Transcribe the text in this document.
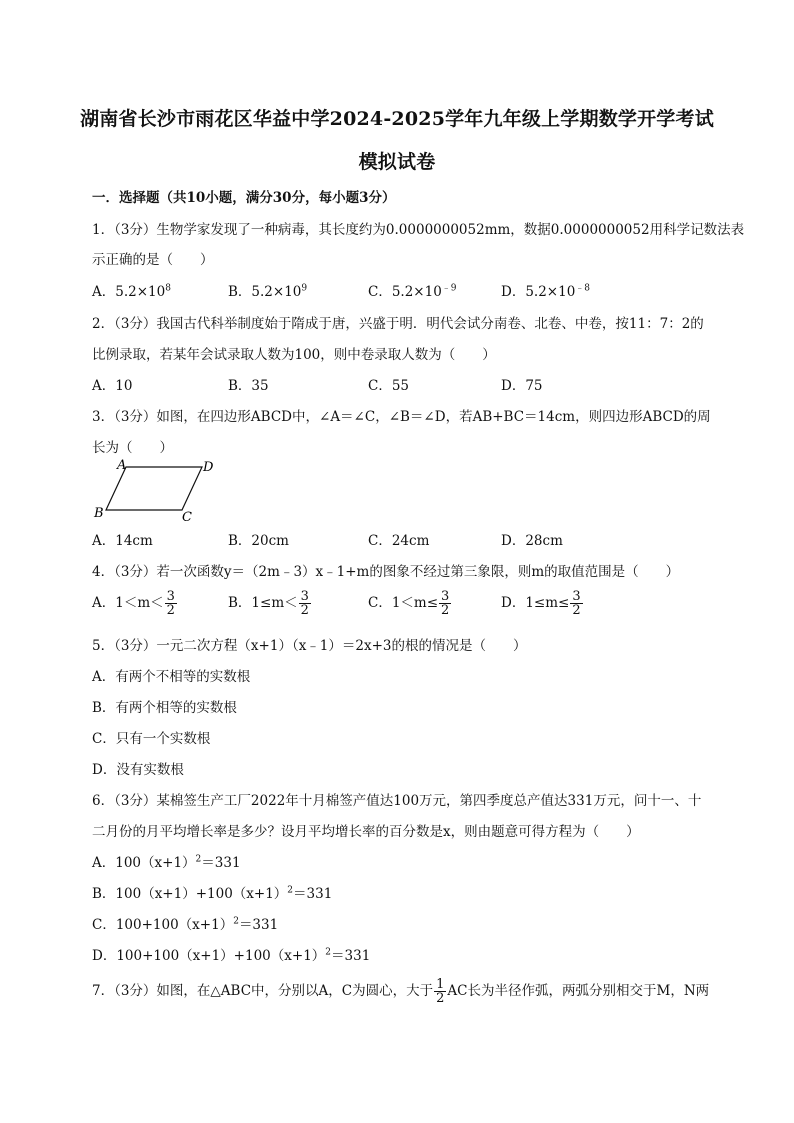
湖南省长沙市雨花区华益中学2024-2025学年九年级上学期数学开学考试
模拟试卷
一．选择题（共10小题，满分30分，每小题3分）
1．（3分）生物学家发现了一种病毒，其长度约为0.0000000052mm，数据0.0000000052用科学记数法表
示正确的是（　　）
A．$5.2\times 10^8$	B．$5.2\times 10^9$	C．$5.2\times 10^{﹣9}$	D．$5.2\times 10^{﹣8}$
2．（3分）我国古代科举制度始于隋成于唐，兴盛于明．明代会试分南卷、北卷、中卷，按11：7：2的
比例录取，若某年会试录取人数为100，则中卷录取人数为（　　）
A．10	B．35	C．55	D．75
3．（3分）如图，在四边形ABCD中，∠A＝∠C，∠B＝∠D，若AB+BC＝14cm，则四边形ABCD的周
长为（　　）
A	D
B	C
A．14cm	B．20cm	C．24cm	D．28cm
4．（3分）若一次函数y＝（2m﹣3）x﹣1+m的图象不经过第三象限，则m的取值范围是（　　）
A．$1<m< \frac{3}{2}$	B．$1\le m< \frac{3}{2}$	C．$1<m\le \frac{3}{2}$	D．$1\le m\le \frac{3}{2}$
5．（3分）一元二次方程（x+1）（x﹣1）＝2x+3的根的情况是（　　）
A．有两个不相等的实数根
B．有两个相等的实数根
C．只有一个实数根
D．没有实数根
6．（3分）某棉签生产工厂2022年十月棉签产值达100万元，第四季度总产值达331万元，问十一、十
二月份的月平均增长率是多少？设月平均增长率的百分数是x，则由题意可得方程为（　　）
A．$100(x+1)^2=331$
B．$100(x+1)+100(x+1)^2=331$
C．$100+100(x+1)^2=331$
D．$100+100(x+1)+100(x+1)^2=331$
7．（3分）如图，在△ABC中，分别以A，C为圆心，大于 $\frac{1}{2}$ AC长为半径作弧，两弧分别相交于M，N两
